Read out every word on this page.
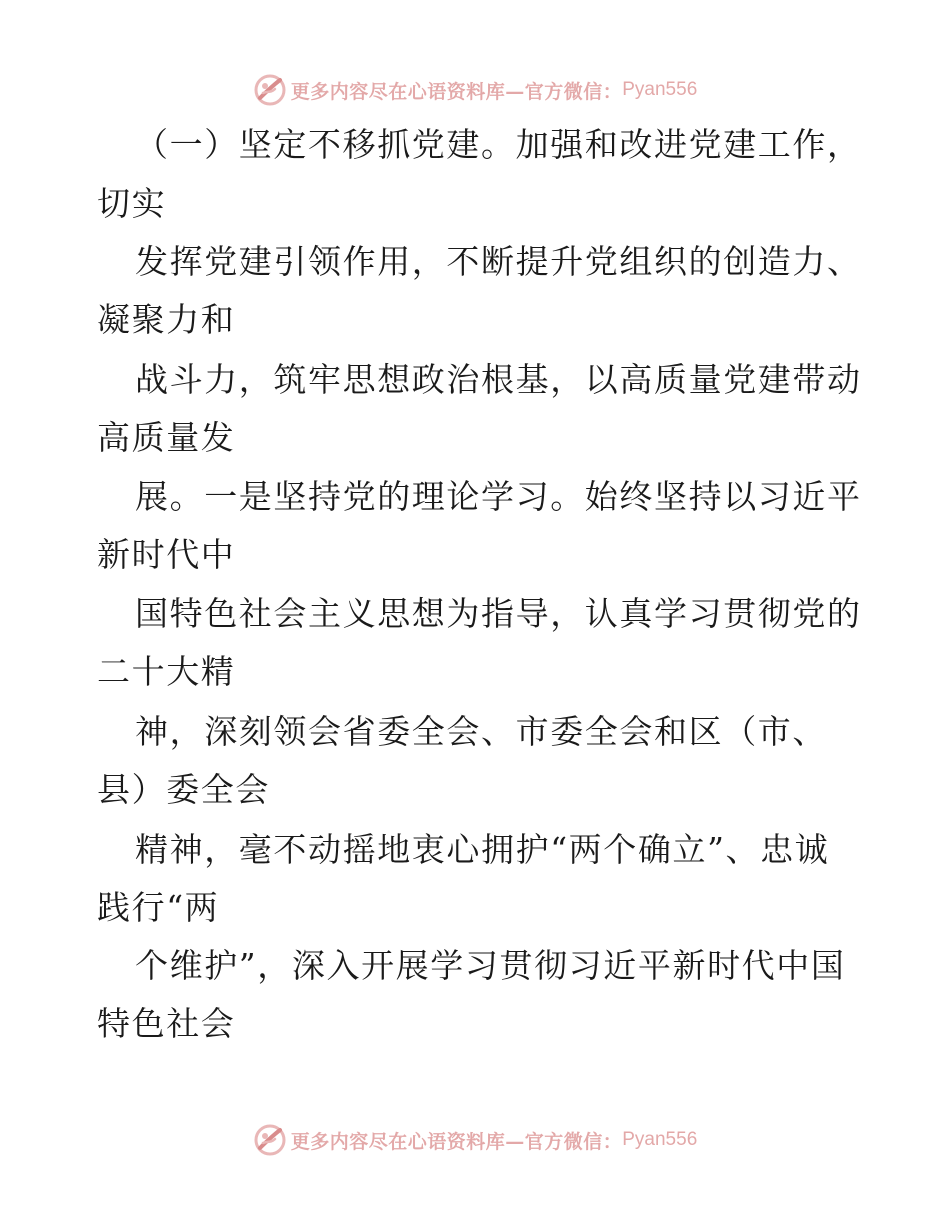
更多内容尽在心语资料库—官方微信： Pyan556
（一）坚定不移抓党建。加强和改进党建工作，
切实
发挥党建引领作用，不断提升党组织的创造力、
凝聚力和
战斗力，筑牢思想政治根基，以高质量党建带动
高质量发
展。一是坚持党的理论学习。始终坚持以习近平
新时代中
国特色社会主义思想为指导，认真学习贯彻党的
二十大精
神，深刻领会省委全会、市委全会和区（市、
县）委全会
精神，毫不动摇地衷心拥护“两个确立”、忠诚
践行“两
个维护”，深入开展学习贯彻习近平新时代中国
特色社会
更多内容尽在心语资料库—官方微信： Pyan556
